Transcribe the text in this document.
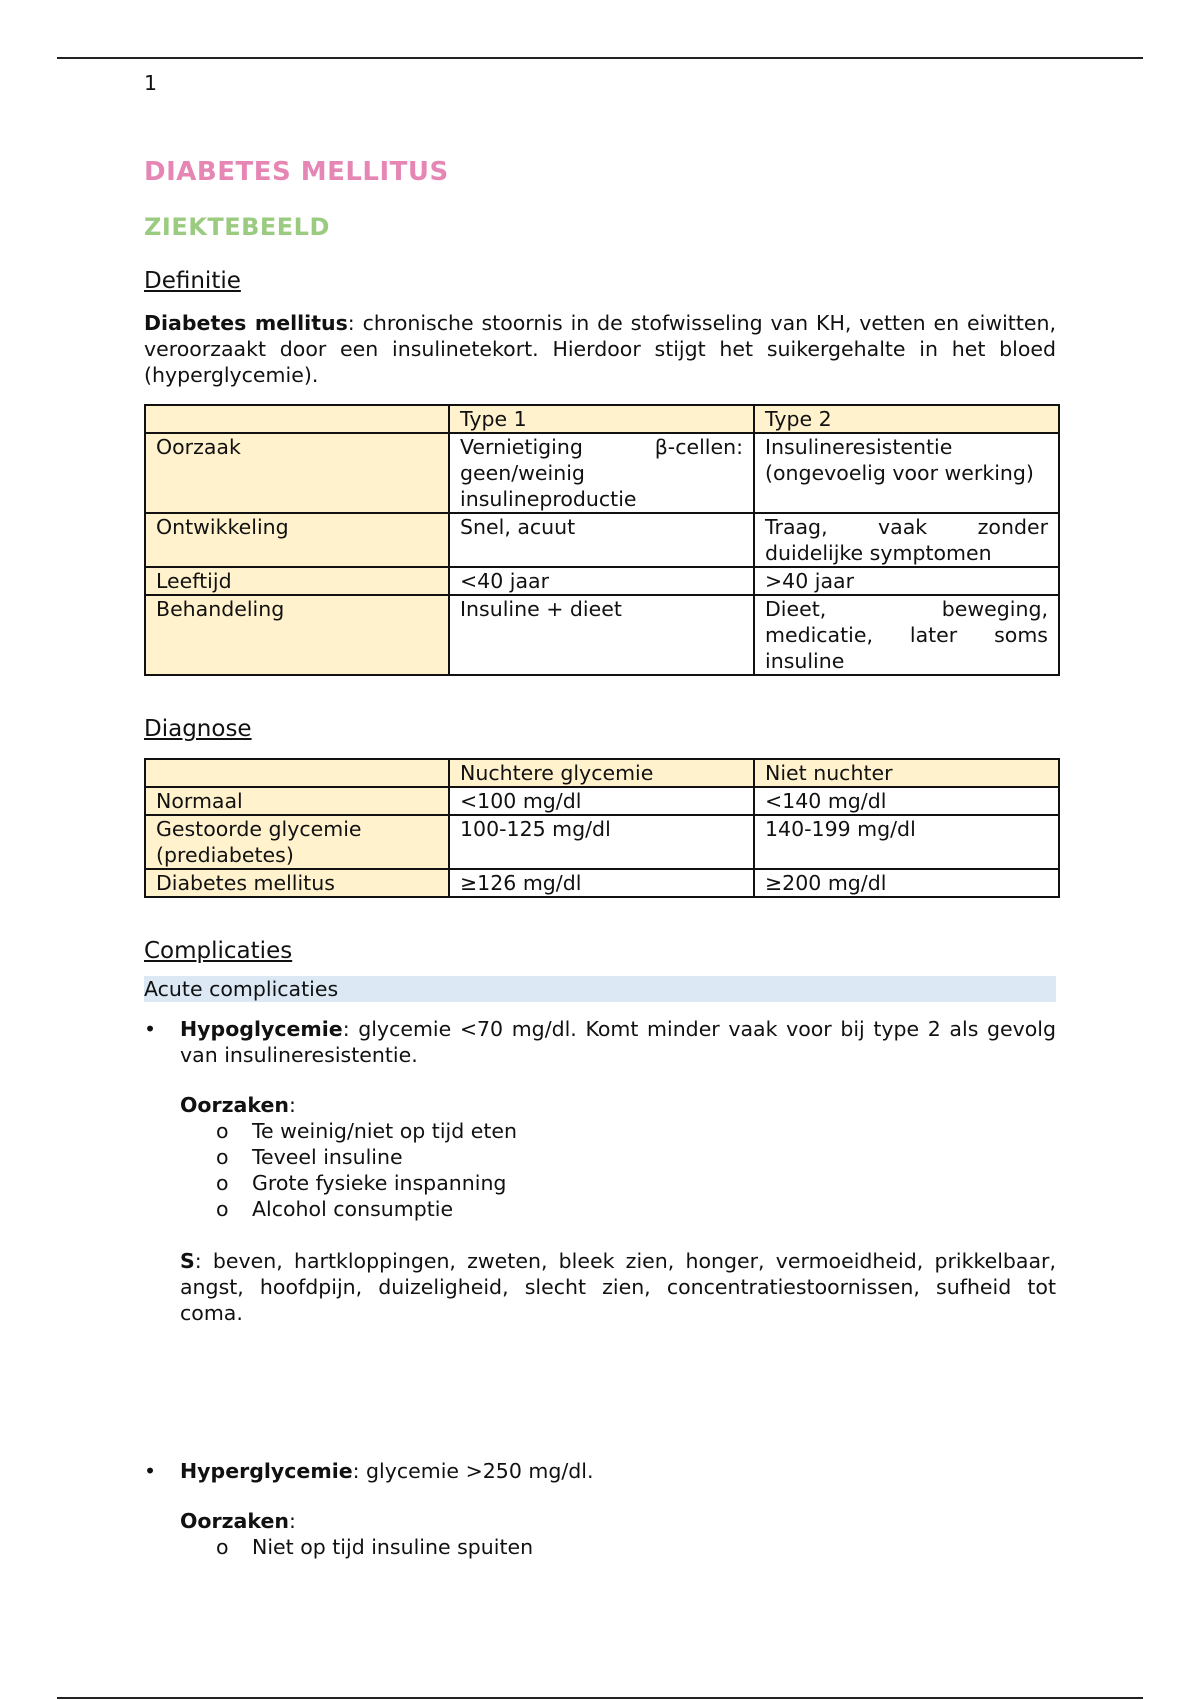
1

DIABETES MELLITUS

ZIEKTEBEELD

Definitie

Diabetes mellitus: chronische stoornis in de stofwisseling van KH, vetten en eiwitten, veroorzaakt door een insulinetekort. Hierdoor stijgt het suikergehalte in het bloed (hyperglycemie).

	Type 1	Type 2
Oorzaak	Vernietiging β-cellen: geen/weinig insulineproductie	Insulineresistentie (ongevoelig voor werking)
Ontwikkeling	Snel, acuut	Traag, vaak zonder duidelijke symptomen
Leeftijd	<40 jaar	>40 jaar
Behandeling	Insuline + dieet	Dieet, beweging, medicatie, later soms insuline

Diagnose

	Nuchtere glycemie	Niet nuchter
Normaal	<100 mg/dl	<140 mg/dl
Gestoorde glycemie (prediabetes)	100-125 mg/dl	140-199 mg/dl
Diabetes mellitus	≥126 mg/dl	≥200 mg/dl

Complicaties

Acute complicaties

•	Hypoglycemie: glycemie <70 mg/dl. Komt minder vaak voor bij type 2 als gevolg van insulineresistentie.

Oorzaken:

o Te weinig/niet op tijd eten
o Teveel insuline
o Grote fysieke inspanning
o Alcohol consumptie

S: beven, hartkloppingen, zweten, bleek zien, honger, vermoeidheid, prikkelbaar, angst, hoofdpijn, duizeligheid, slecht zien, concentratiestoornissen, sufheid tot coma.

•	Hyperglycemie: glycemie >250 mg/dl.

Oorzaken:

o Niet op tijd insuline spuiten
